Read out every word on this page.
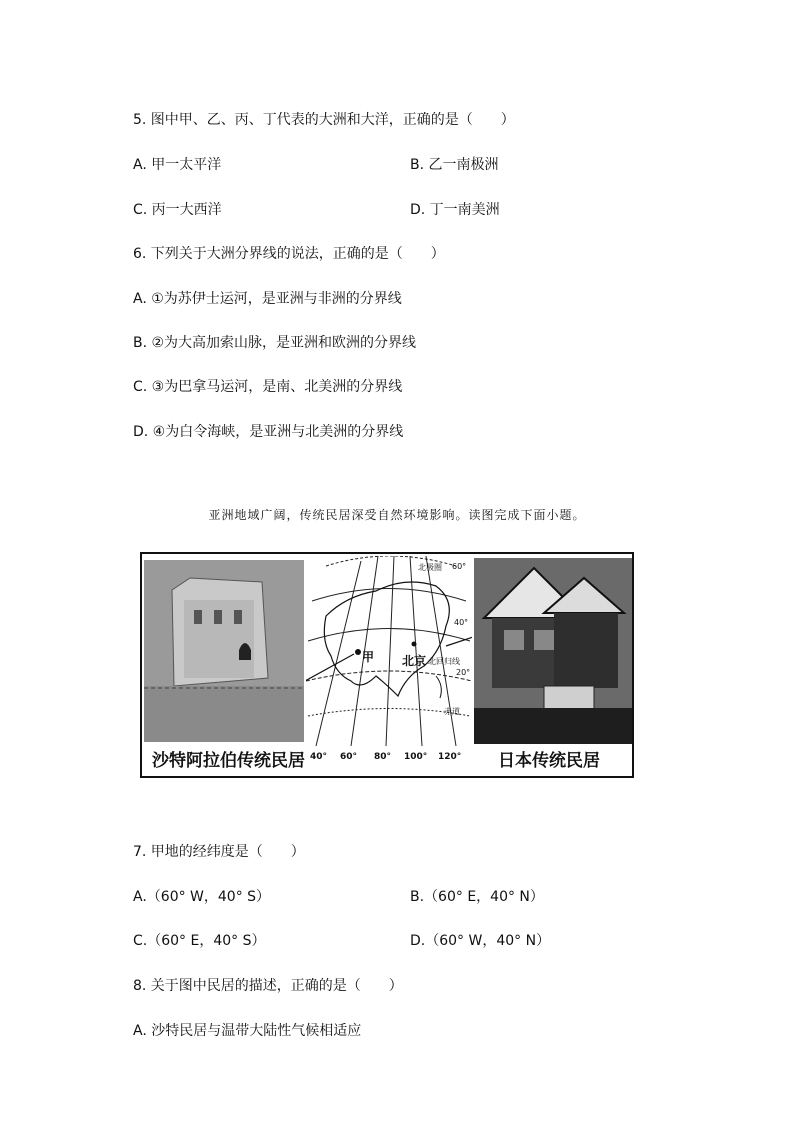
5. 图中甲、乙、丙、丁代表的大洲和大洋，正确的是（　　）
A. 甲一太平洋	B. 乙一南极洲
C. 丙一大西洋	D. 丁一南美洲
6. 下列关于大洲分界线的说法，正确的是（　　）
A. ①为苏伊士运河，是亚洲与非洲的分界线
B. ②为大高加索山脉，是亚洲和欧洲的分界线
C. ③为巴拿马运河，是南、北美洲的分界线
D. ④为白令海峡，是亚洲与北美洲的分界线
亚洲地域广阔，传统民居深受自然环境影响。读图完成下面小题。
甲 北京
北极圈 60°
40°
北回归线
20°
赤道
沙特阿拉伯传统民居 40° 60° 80° 100° 120° 日本传统民居
7. 甲地的经纬度是（　　）
A.（60° W，40° S）	B.（60° E，40° N）
C.（60° E，40° S）	D.（60° W，40° N）
8. 关于图中民居的描述，正确的是（　　）
A. 沙特民居与温带大陆性气候相适应
